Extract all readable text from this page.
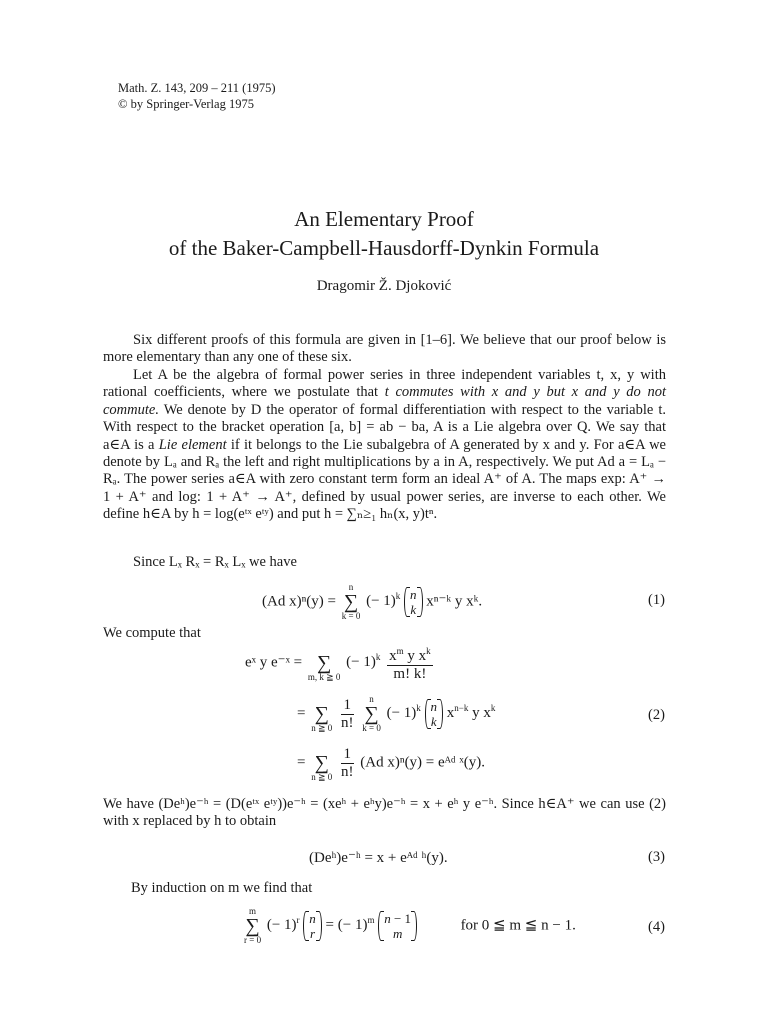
Math. Z. 143, 209 – 211 (1975)
© by Springer-Verlag 1975
An Elementary Proof
of the Baker-Campbell-Hausdorff-Dynkin Formula
Dragomir Ž. Djoković

Six different proofs of this formula are given in [1–6]. We believe that our proof below is more elementary than any one of these six.

Let A be the algebra of formal power series in three independent variables t, x, y with rational coefficients, where we postulate that t commutes with x and y but x and y do not commute. We denote by D the operator of formal differentiation with respect to the variable t. With respect to the bracket operation [a, b] = ab − ba, A is a Lie algebra over Q. We say that a∈A is a Lie element if it belongs to the Lie subalgebra of A generated by x and y. For a∈A we denote by Lₐ and Rₐ the left and right multiplications by a in A, respectively. We put Ad a = Lₐ − Rₐ. The power series a∈A with zero constant term form an ideal A⁺ of A. The maps exp: A⁺ → 1 + A⁺ and log: 1 + A⁺ → A⁺, defined by usual power series, are inverse to each other. We define h∈A by h = log(eᵗˣ eᵗʸ) and put h = ∑ₙ≥₁ hₙ(x, y)tⁿ.

Since Lₓ Rₓ = Rₓ Lₓ we have
(Ad x)ⁿ(y) =
n
∑
k = 0
(− 1)$^k$ n
k
xⁿ⁻ᵏ y xᵏ.	(1)
We compute that
eˣ y e⁻ˣ =
∑
m, k ≧ 0
(− $1)^k \frac{x^m y x^k}{m! k!}$
=
∑
n ≧ 0
$\frac{1}{n!}$
	n
∑
k = 0
(− 1)$^k$ n
k
$x^{n-k}$ y $x^k$	(2)
=
∑
n ≧ 0
$\frac{1}{n!} (Ad$ x)ⁿ(y) = eᴬᵈ ˣ(y).

We have (Deʰ)e⁻ʰ = (D(eᵗˣ eᵗʸ))e⁻ʰ = (xeʰ + eʰy)e⁻ʰ = x + eʰ y e⁻ʰ. Since h∈A⁺ we can use (2) with x replaced by h to obtain

(Deʰ)e⁻ʰ = x + eᴬᵈ ʰ(y).	(3)
By induction on m we find that
m
∑
r = 0
(− 1)$^r$ n
r
= (− 1)$^m$ n − 1
m
for 0 ≦ m ≦ n − 1.	(4)
